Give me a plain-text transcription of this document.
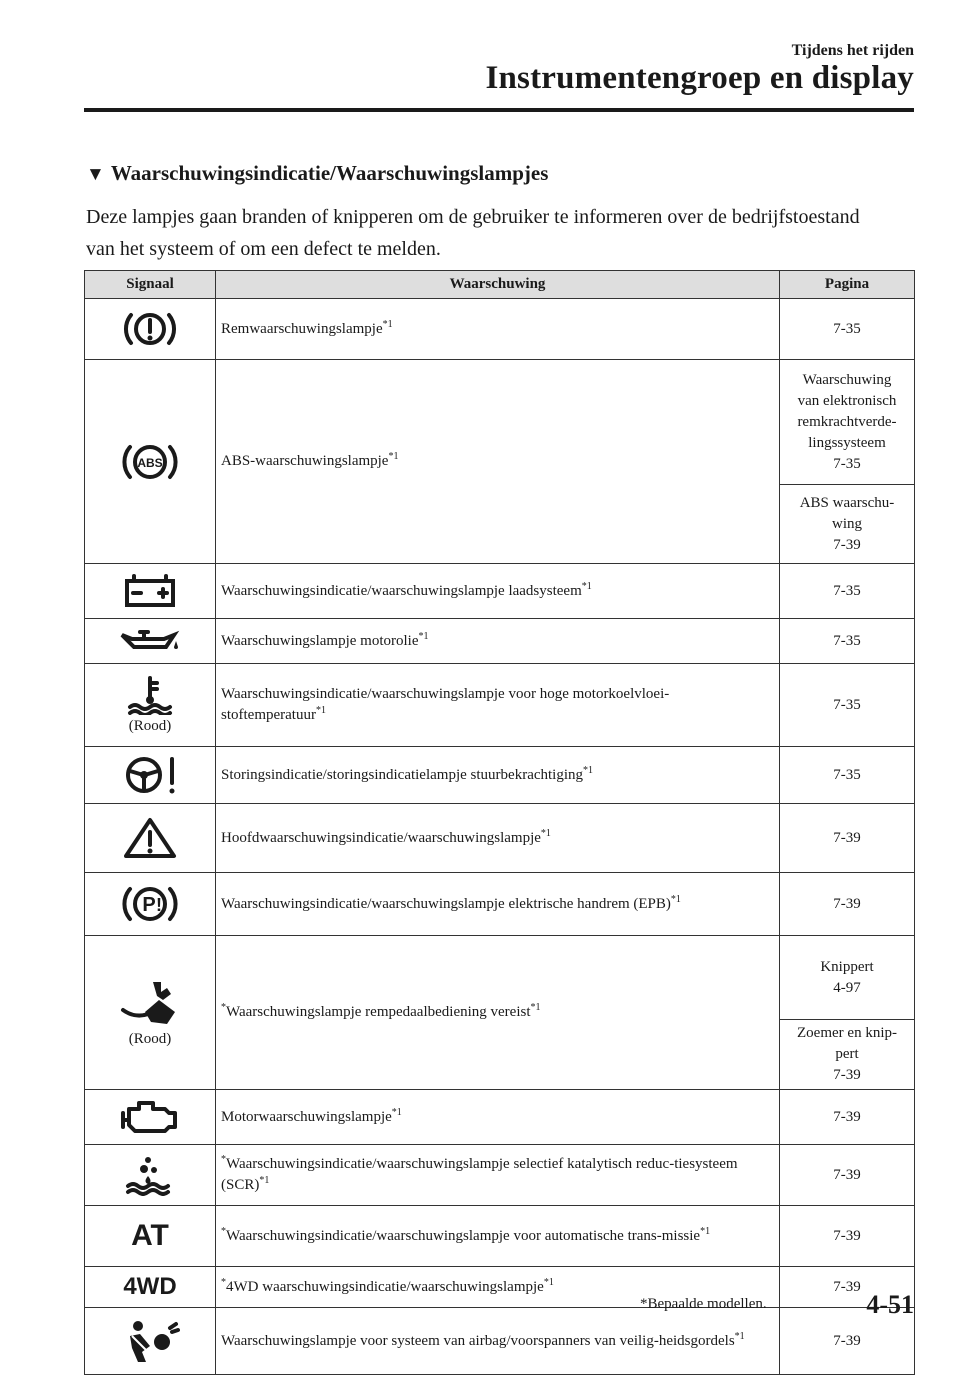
Tijdens het rijden
Instrumentengroep en display
▼ Waarschuwingsindicatie/Waarschuwingslampjes
Deze lampjes gaan branden of knipperen om de gebruiker te informeren over de bedrijfstoestand van het systeem of om een defect te melden.
Signaal	Waarschuwing	Pagina

	Remwaarschuwingslampje$^{*1}$	7-35

ABS	ABS-waarschuwingslampje$^{*1}$	Waarschuwing
van elektronisch
remkrachtverde-
lingssysteem
7-35
		ABS waarschu-
wing
7-39

	Waarschuwingsindicatie/waarschuwingslampje laadsysteem$^{*1}$	7-35

	Waarschuwingslampje motorolie$^{*1}$	7-35

(Rood)	Waarschuwingsindicatie/waarschuwingslampje voor hoge motorkoelvloei-stoftemperatuur$^{*1}$	7-35

	Storingsindicatie/storingsindicatielampje stuurbekrachtiging$^{*1}$	7-35

	Hoofdwaarschuwingsindicatie/waarschuwingslampje$^{*1}$	7-39

P !	Waarschuwingsindicatie/waarschuwingslampje elektrische handrem (EPB)$^{*1}$	7-39

(Rood)	*Waarschuwingslampje rempedaalbediening vereist$^{*1}$	Knippert
4-97
		Zoemer en knip-
pert
7-39

	Motorwaarschuwingslampje$^{*1}$	7-39

	*Waarschuwingsindicatie/waarschuwingslampje selectief katalytisch reduc-tiesysteem (SCR)$^{*1}$	7-39

AT	*Waarschuwingsindicatie/waarschuwingslampje voor automatische trans-missie$^{*1}$	7-39

4WD	*4WD waarschuwingsindicatie/waarschuwingslampje$^{*1}$	7-39

	Waarschuwingslampje voor systeem van airbag/voorspanners van veilig-heidsgordels$^{*1}$	7-39
*Bepaalde modellen.	4-51
